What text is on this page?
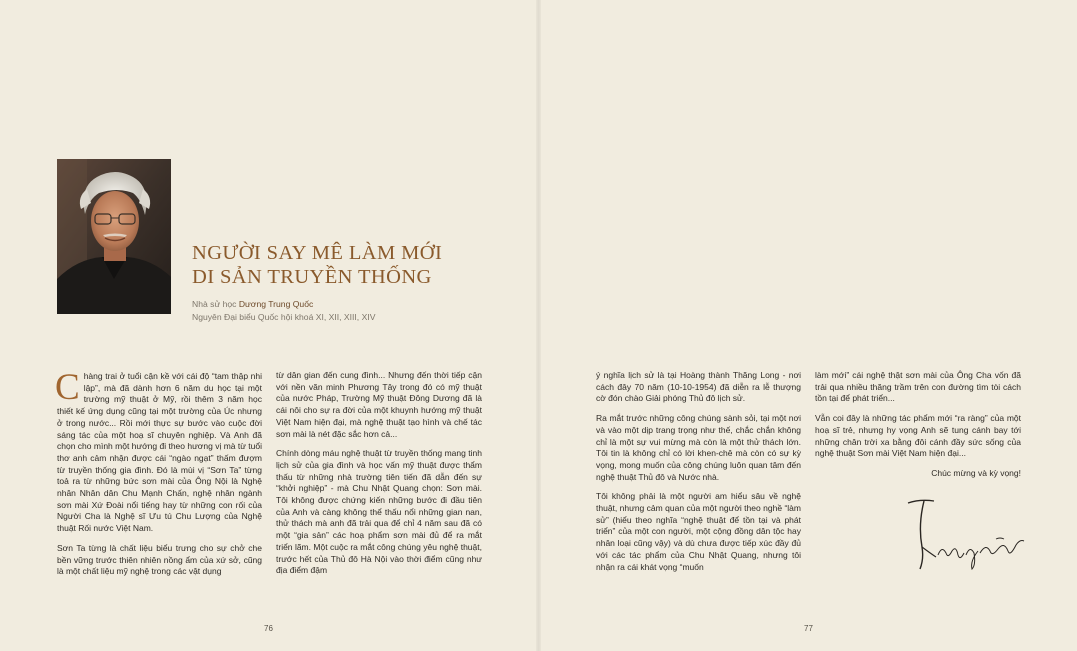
NGƯỜI SAY MÊ LÀM MỚI
DI SẢN TRUYỀN THỐNG
Nhà sử học Dương Trung Quốc
Nguyên Đại biểu Quốc hội khoá XI, XII, XIII, XIV

Chàng trai ở tuổi cận kề với cái độ “tam thập nhi lập”, mà đã dành hơn 6 năm du học tại một trường mỹ thuật ở Mỹ, rồi thêm 3 năm học thiết kế ứng dụng cũng tại một trường của Úc nhưng ở trong nước... Rồi mới thực sự bước vào cuộc đời sáng tác của một hoạ sĩ chuyên nghiệp. Và Anh đã chọn cho mình một hướng đi theo hương vị mà từ tuổi thơ anh cảm nhận được cái “ngào ngạt” thấm đượm từ truyền thống gia đình. Đó là mùi vị “Sơn Ta” từng toả ra từ những bức sơn mài của Ông Nội là Nghệ nhân Nhân dân Chu Mạnh Chấn, nghệ nhân ngành sơn mài Xứ Đoài nổi tiếng hay từ những con rối của Người Cha là Nghệ sĩ Ưu tú Chu Lượng của Nghệ thuật Rối nước Việt Nam.

Sơn Ta từng là chất liệu biểu trưng cho sự chở che bền vững trước thiên nhiên nồng ẩm của xứ sở, cũng là một chất liệu mỹ nghệ trong các vật dụng

từ dân gian đến cung đình... Nhưng đến thời tiếp cận với nền văn minh Phương Tây trong đó có mỹ thuật của nước Pháp, Trường Mỹ thuật Đông Dương đã là cái nôi cho sự ra đời của một khuynh hướng mỹ thuật Việt Nam hiện đại, mà nghệ thuật tạo hình và chế tác sơn mài là nét đặc sắc hơn cả...

Chính dòng máu nghệ thuật từ truyền thống mang tinh lịch sử của gia đình và học vấn mỹ thuật được thẩm thấu từ những nhà trường tiên tiến đã dẫn đến sự “khởi nghiệp” - mà Chu Nhật Quang chọn: Sơn mài. Tôi không được chứng kiến những bước đi đầu tiên của Anh và càng không thể thấu nổi những gian nan, thử thách mà anh đã trải qua để chỉ 4 năm sau đã có một “gia sản” các hoạ phẩm sơn mài đủ để ra mắt triển lãm. Một cuộc ra mắt công chúng yêu nghệ thuật, trước hết của Thủ đô Hà Nội vào thời điểm cũng như địa điểm đậm

ý nghĩa lịch sử là tại Hoàng thành Thăng Long - nơi cách đây 70 năm (10-10-1954) đã diễn ra lễ thượng cờ đón chào Giải phóng Thủ đô lịch sử.

Ra mắt trước những công chúng sành sỏi, tại một nơi và vào một dịp trang trọng như thế, chắc chắn không chỉ là một sự vui mừng mà còn là một thử thách lớn. Tôi tin là không chỉ có lời khen-chê mà còn có sự kỳ vọng, mong muốn của công chúng luôn quan tâm đến nghệ thuật Thủ đô và Nước nhà.

Tôi không phải là một người am hiểu sâu về nghệ thuật, nhưng cảm quan của một người theo nghề “làm sử” (hiểu theo nghĩa “nghệ thuật để tồn tại và phát triển” của một con người, một cộng đồng dân tộc hay nhân loại cũng vậy) và dù chưa được tiếp xúc đầy đủ với các tác phẩm của Chu Nhật Quang, nhưng tôi nhận ra cái khát vọng “muốn

làm mới” cái nghệ thật sơn mài của Ông Cha vốn đã trải qua nhiều thăng trầm trên con đường tìm tòi cách tồn tại để phát triển...

Vẫn coi đây là những tác phẩm mới “ra ràng” của một hoạ sĩ trẻ, nhưng hy vọng Anh sẽ tung cánh bay tới những chân trời xa bằng đôi cánh đầy sức sống của nghệ thuật Sơn mài Việt Nam hiện đại...

Chúc mừng và kỳ vọng!

76	77
